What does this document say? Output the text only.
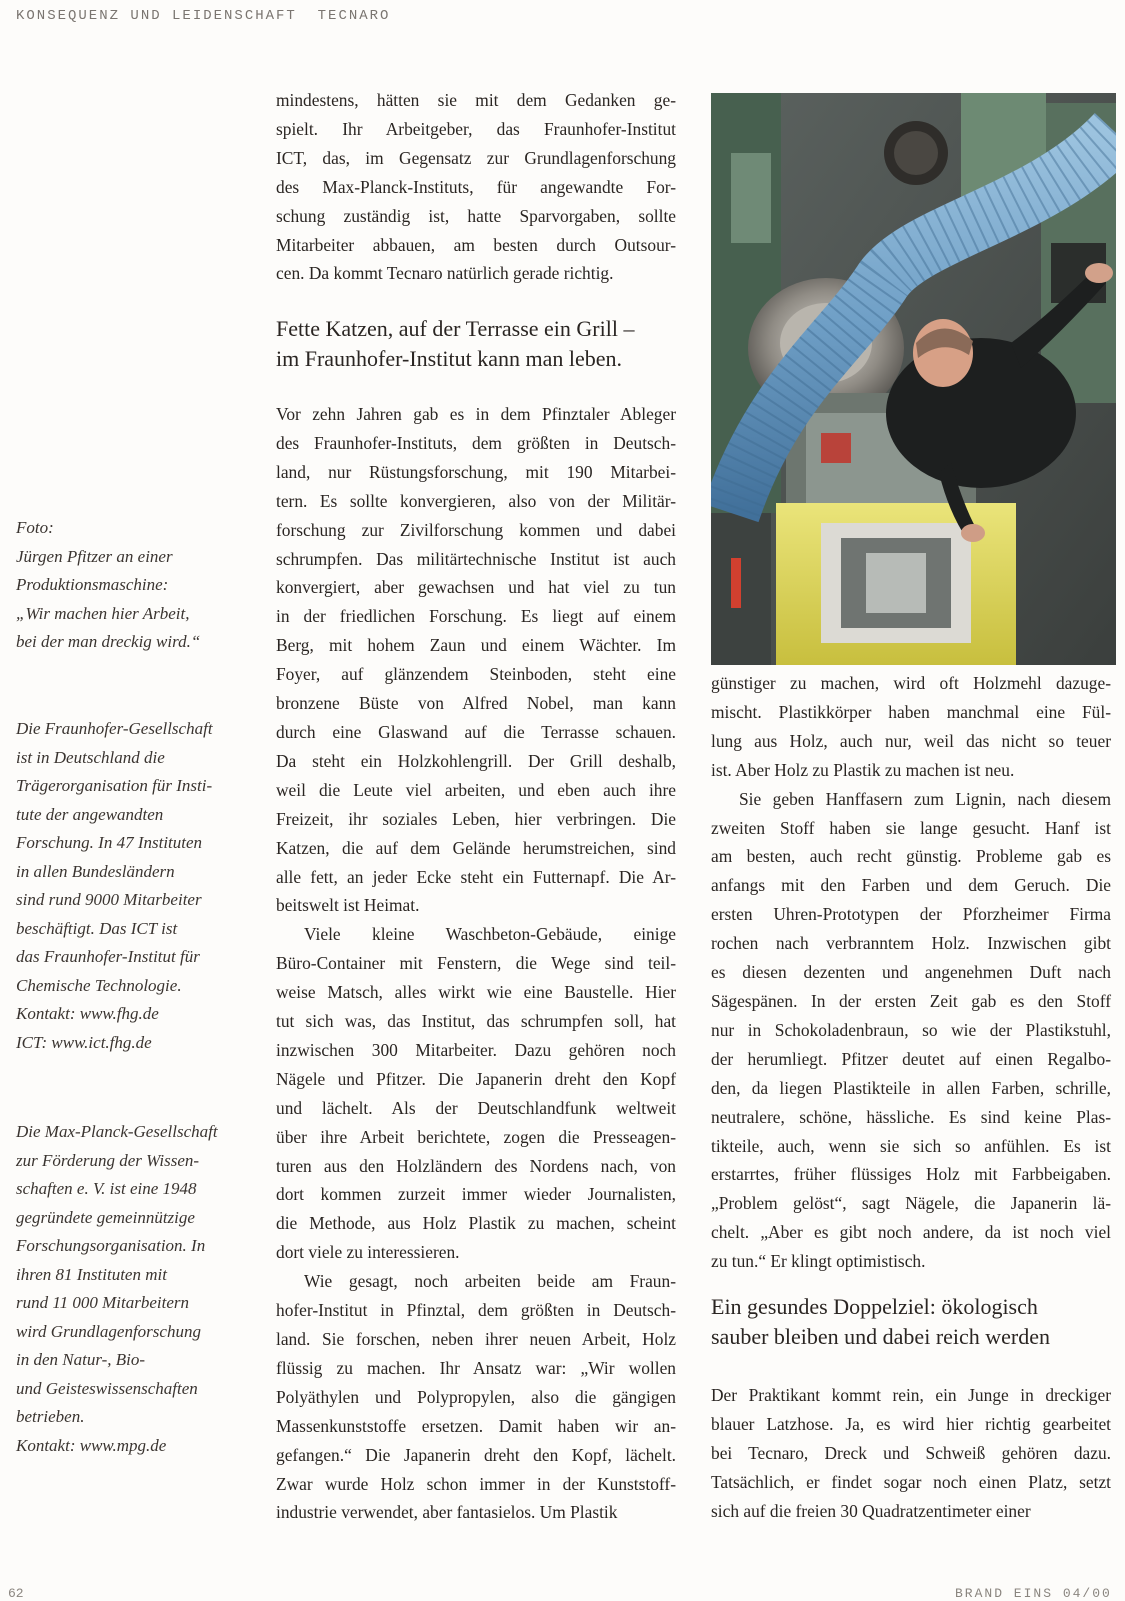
KONSEQUENZ UND LEIDENSCHAFT  TECNARO
Foto:
Jürgen Pfitzer an einer
Produktionsmaschine:
„Wir machen hier Arbeit,
bei der man dreckig wird.“
Die Fraunhofer-Gesellschaft
ist in Deutschland die
Trägerorganisation für Insti-
tute der angewandten
Forschung. In 47 Instituten
in allen Bundesländern
sind rund 9000 Mitarbeiter
beschäftigt. Das ICT ist
das Fraunhofer-Institut für
Chemische Technologie.
Kontakt: www.fhg.de
ICT: www.ict.fhg.de
Die Max-Planck-Gesellschaft
zur Förderung der Wissen-
schaften e. V. ist eine 1948
gegründete gemeinnützige
Forschungsorganisation. In
ihren 81 Instituten mit
rund 11 000 Mitarbeitern
wird Grundlagenforschung
in den Natur-, Bio-
und Geisteswissenschaften
betrieben.
Kontakt: www.mpg.de
mindestens, hätten sie mit dem Gedanken ge-
spielt. Ihr Arbeitgeber, das Fraunhofer-Institut
ICT, das, im Gegensatz zur Grundlagenforschung
des Max-Planck-Instituts, für angewandte For-
schung zuständig ist, hatte Sparvorgaben, sollte
Mitarbeiter abbauen, am besten durch Outsour-
cen. Da kommt Tecnaro natürlich gerade richtig.
Fette Katzen, auf der Terrasse ein Grill –
im Fraunhofer-Institut kann man leben.
Vor zehn Jahren gab es in dem Pfinztaler Ableger
des Fraunhofer-Instituts, dem größten in Deutsch-
land, nur Rüstungsforschung, mit 190 Mitarbei-
tern. Es sollte konvergieren, also von der Militär-
forschung zur Zivilforschung kommen und dabei
schrumpfen. Das militärtechnische Institut ist auch
konvergiert, aber gewachsen und hat viel zu tun
in der friedlichen Forschung. Es liegt auf einem
Berg, mit hohem Zaun und einem Wächter. Im
Foyer, auf glänzendem Steinboden, steht eine
bronzene Büste von Alfred Nobel, man kann
durch eine Glaswand auf die Terrasse schauen.
Da steht ein Holzkohlengrill. Der Grill deshalb,
weil die Leute viel arbeiten, und eben auch ihre
Freizeit, ihr soziales Leben, hier verbringen. Die
Katzen, die auf dem Gelände herumstreichen, sind
alle fett, an jeder Ecke steht ein Futternapf. Die Ar-
beitswelt ist Heimat.
Viele kleine Waschbeton-Gebäude, einige
Büro-Container mit Fenstern, die Wege sind teil-
weise Matsch, alles wirkt wie eine Baustelle. Hier
tut sich was, das Institut, das schrumpfen soll, hat
inzwischen 300 Mitarbeiter. Dazu gehören noch
Nägele und Pfitzer. Die Japanerin dreht den Kopf
und lächelt. Als der Deutschlandfunk weltweit
über ihre Arbeit berichtete, zogen die Presseagen-
turen aus den Holzländern des Nordens nach, von
dort kommen zurzeit immer wieder Journalisten,
die Methode, aus Holz Plastik zu machen, scheint
dort viele zu interessieren.
Wie gesagt, noch arbeiten beide am Fraun-
hofer-Institut in Pfinztal, dem größten in Deutsch-
land. Sie forschen, neben ihrer neuen Arbeit, Holz
flüssig zu machen. Ihr Ansatz war: „Wir wollen
Polyäthylen und Polypropylen, also die gängigen
Massenkunststoffe ersetzen. Damit haben wir an-
gefangen.“ Die Japanerin dreht den Kopf, lächelt.
Zwar wurde Holz schon immer in der Kunststoff-
industrie verwendet, aber fantasielos. Um Plastik
günstiger zu machen, wird oft Holzmehl dazuge-
mischt. Plastikkörper haben manchmal eine Fül-
lung aus Holz, auch nur, weil das nicht so teuer
ist. Aber Holz zu Plastik zu machen ist neu.
Sie geben Hanffasern zum Lignin, nach diesem
zweiten Stoff haben sie lange gesucht. Hanf ist
am besten, auch recht günstig. Probleme gab es
anfangs mit den Farben und dem Geruch. Die
ersten Uhren-Prototypen der Pforzheimer Firma
rochen nach verbranntem Holz. Inzwischen gibt
es diesen dezenten und angenehmen Duft nach
Sägespänen. In der ersten Zeit gab es den Stoff
nur in Schokoladenbraun, so wie der Plastikstuhl,
der herumliegt. Pfitzer deutet auf einen Regalbo-
den, da liegen Plastikteile in allen Farben, schrille,
neutralere, schöne, hässliche. Es sind keine Plas-
tikteile, auch, wenn sie sich so anfühlen. Es ist
erstarrtes, früher flüssiges Holz mit Farbbeigaben.
„Problem gelöst“, sagt Nägele, die Japanerin lä-
chelt. „Aber es gibt noch andere, da ist noch viel
zu tun.“ Er klingt optimistisch.
Ein gesundes Doppelziel: ökologisch
sauber bleiben und dabei reich werden
Der Praktikant kommt rein, ein Junge in dreckiger
blauer Latzhose. Ja, es wird hier richtig gearbeitet
bei Tecnaro, Dreck und Schweiß gehören dazu.
Tatsächlich, er findet sogar noch einen Platz, setzt
sich auf die freien 30 Quadratzentimeter einer
62	BRAND EINS 04/00
